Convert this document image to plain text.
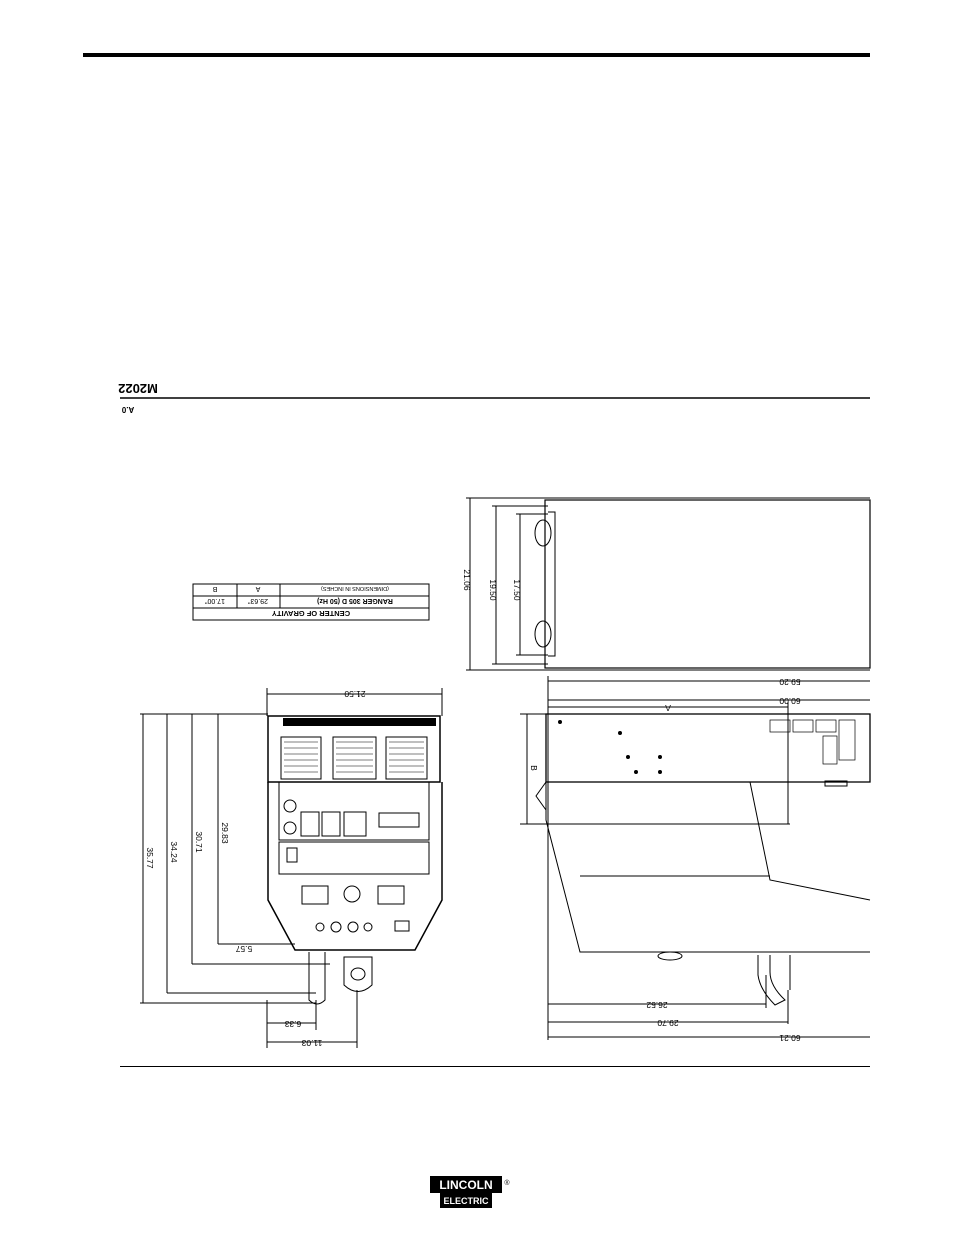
M2022
A.0
CENTER OF GRAVITY
RANGER 305 D (50 Hz)
29.63"
17.00"
(DIMENSIONS IN INCHES)
A
B
21.50
29.83
30.71
34.24
35.77
5.57
6.33
11.03
17.50
19.50
21.06
60.00
59.20
A
B
26.52
29.70
60.21
LINCOLN
ELECTRIC
®
